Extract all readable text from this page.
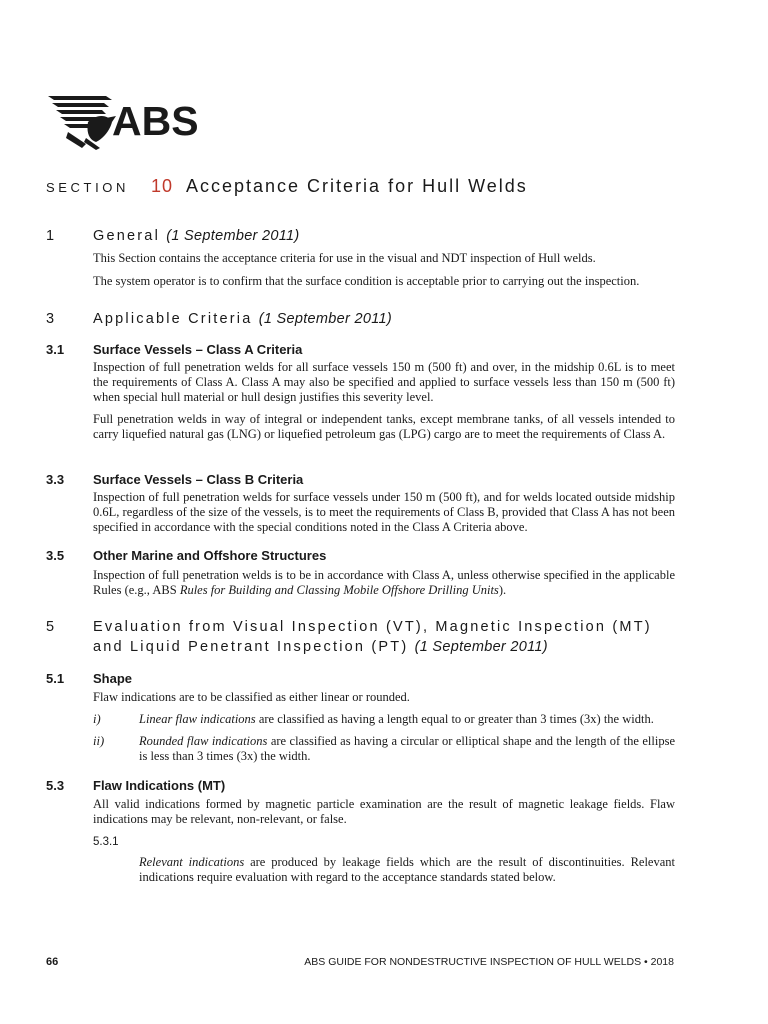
ABS
SECTION 10 Acceptance Criteria for Hull Welds
1	General (1 September 2011)
This Section contains the acceptance criteria for use in the visual and NDT inspection of Hull welds.
The system operator is to confirm that the surface condition is acceptable prior to carrying out the inspection.
3	Applicable Criteria (1 September 2011)
3.1 Surface Vessels – Class A Criteria
Inspection of full penetration welds for all surface vessels 150 m (500 ft) and over, in the midship 0.6L is to meet the requirements of Class A. Class A may also be specified and applied to surface vessels less than 150 m (500 ft) when special hull material or hull design justifies this severity level.
Full penetration welds in way of integral or independent tanks, except membrane tanks, of all vessels intended to carry liquefied natural gas (LNG) or liquefied petroleum gas (LPG) cargo are to meet the requirements of Class A.
3.3 Surface Vessels – Class B Criteria
Inspection of full penetration welds for surface vessels under 150 m (500 ft), and for welds located outside midship 0.6L, regardless of the size of the vessels, is to meet the requirements of Class B, provided that Class A has not been specified in accordance with the special conditions noted in the Class A Criteria above.
3.5 Other Marine and Offshore Structures
Inspection of full penetration welds is to be in accordance with Class A, unless otherwise specified in the applicable Rules (e.g., ABS Rules for Building and Classing Mobile Offshore Drilling Units).
5	Evaluation from Visual Inspection (VT), Magnetic Inspection (MT)
and Liquid Penetrant Inspection (PT) (1 September 2011)
5.1 Shape
Flaw indications are to be classified as either linear or rounded.
i)	Linear flaw indications are classified as having a length equal to or greater than 3 times (3x) the width.
ii)	Rounded flaw indications are classified as having a circular or elliptical shape and the length of the ellipse is less than 3 times (3x) the width.
5.3 Flaw Indications (MT)
All valid indications formed by magnetic particle examination are the result of magnetic leakage fields. Flaw indications may be relevant, non-relevant, or false.
5.3.1
Relevant indications are produced by leakage fields which are the result of discontinuities. Relevant indications require evaluation with regard to the acceptance standards stated below.
66	ABS GUIDE FOR NONDESTRUCTIVE INSPECTION OF HULL WELDS • 2018
